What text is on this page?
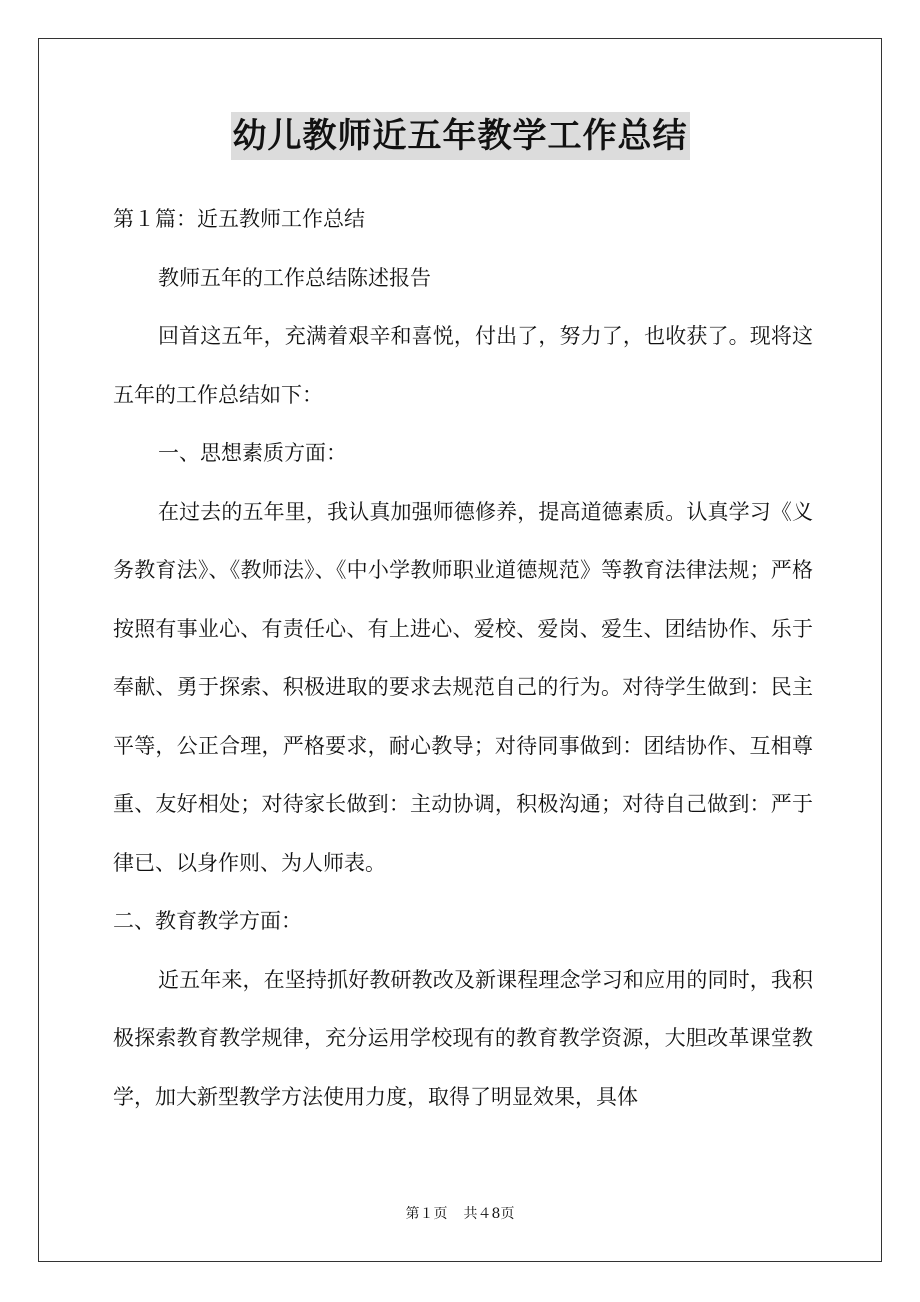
幼儿教师近五年教学工作总结

第１篇：近五教师工作总结

教师五年的工作总结陈述报告

回首这五年，充满着艰辛和喜悦，付出了，努力了，也收获了。现将这五年的工作总结如下：

一、思想素质方面：

在过去的五年里，我认真加强师德修养，提高道德素质。认真学习《义务教育法》、《教师法》、《中小学教师职业道德规范》等教育法律法规；严格按照有事业心、有责任心、有上进心、爱校、爱岗、爱生、团结协作、乐于奉献、勇于探索、积极进取的要求去规范自己的行为。对待学生做到：民主平等，公正合理，严格要求，耐心教导；对待同事做到：团结协作、互相尊重、友好相处；对待家长做到：主动协调，积极沟通；对待自己做到：严于律已、以身作则、为人师表。

二、教育教学方面：

近五年来，在坚持抓好教研教改及新课程理念学习和应用的同时，我积极探索教育教学规律，充分运用学校现有的教育教学资源，大胆改革课堂教学，加大新型教学方法使用力度，取得了明显效果，具体

第１页 共４8页
